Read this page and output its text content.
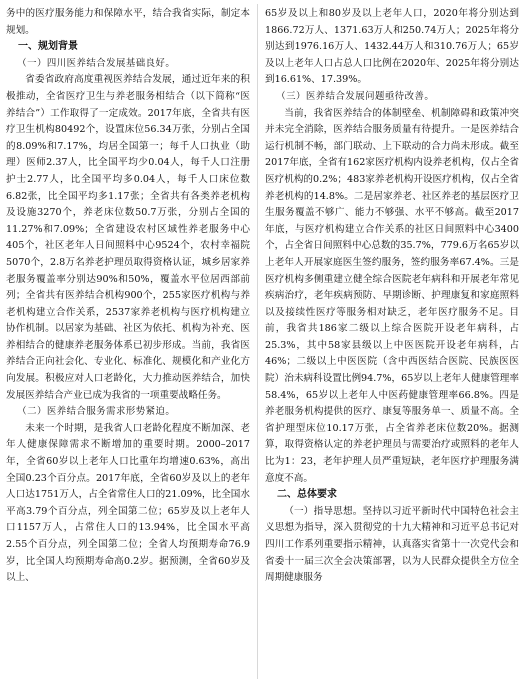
务中的医疗服务能力和保障水平，结合我省实际，制定本规划。

一、规划背景

（一）四川医养结合发展基础良好。

省委省政府高度重视医养结合发展，通过近年来的积极推动，全省医疗卫生与养老服务相结合（以下简称“医养结合”）工作取得了一定成效。2017年底，全省共有医疗卫生机构80492个，设置床位56.34万张，分别占全国的8.09%和7.17%，均居全国第一；每千人口执业（助理）医师2.37人，比全国平均少0.04人，每千人口注册护士2.77人，比全国平均多0.04人，每千人口床位数6.82张，比全国平均多1.17张；全省共有各类养老机构及设施3270个，养老床位数50.7万张，分别占全国的11.27%和7.09%；全省建设农村区域性养老服务中心405个，社区老年人日间照料中心9524个，农村幸福院5070个，2.8万名养老护理员取得资格认证，城乡居家养老服务覆盖率分别达90%和50%，覆盖水平位居西部前列；全省共有医养结合机构900个，255家医疗机构与养老机构建立合作关系，2537家养老机构与医疗机构建立协作机制。以居家为基础、社区为依托、机构为补充、医养相结合的健康养老服务体系已初步形成。当前，我省医养结合正向社会化、专业化、标准化、规模化和产业化方向发展。积极应对人口老龄化，大力推动医养结合，加快发展医养结合产业已成为我省的一项重要战略任务。

（二）医养结合服务需求形势紧迫。

未来一个时期，是我省人口老龄化程度不断加深、老年人健康保障需求不断增加的重要时期。2000–2017年，全省60岁以上老年人口比重年均增速0.63%，高出全国0.23个百分点。2017年底，全省60岁及以上的老年人口达1751万人，占全省常住人口的21.09%，比全国水平高3.79个百分点，列全国第二位；65岁及以上老年人口1157万人，占常住人口的13.94%，比全国水平高2.55个百分点，列全国第二位；全省人均预期寿命76.9岁，比全国人均预期寿命高0.2岁。据预测，全省60岁及以上、

65岁及以上和80岁及以上老年人口，2020年将分别达到1866.72万人、1371.63万人和250.74万人；2025年将分别达到1976.16万人、1432.44万人和310.76万人；65岁及以上老年人口占总人口比例在2020年、2025年将分别达到16.61%、17.39%。

（三）医养结合发展问题亟待改善。

当前，我省医养结合的体制壁垒、机制障碍和政策冲突并未完全消除，医养结合服务质量有待提升。一是医养结合运行机制不畅，部门联动、上下联动的合力尚未形成。截至2017年底，全省有162家医疗机构内设养老机构，仅占全省医疗机构的0.2%；483家养老机构开设医疗机构，仅占全省养老机构的14.8%。二是居家养老、社区养老的基层医疗卫生服务覆盖不够广、能力不够强、水平不够高。截至2017年底，与医疗机构建立合作关系的社区日间照料中心3400个，占全省日间照料中心总数的35.7%，779.6万名65岁以上老年人开展家庭医生签约服务，签约服务率67.4%。三是医疗机构多侧重建立健全综合医院老年病科和开展老年常见疾病治疗，老年疾病预防、早期诊断、护理康复和家庭照料以及接续性医疗等服务相对缺乏，老年医疗服务不足。目前，我省共186家二级以上综合医院开设老年病科，占25.3%，其中58家县级以上中医医院开设老年病科，占46%；二级以上中医医院（含中西医结合医院、民族医医院）治未病科设置比例94.7%，65岁以上老年人健康管理率58.4%，65岁以上老年人中医药健康管理率66.8%。四是养老服务机构提供的医疗、康复等服务单一、质量不高。全省护理型床位10.17万张，占全省养老床位数20%。据测算，取得资格认定的养老护理员与需要治疗或照料的老年人比为1：23，老年护理人员严重短缺，老年医疗护理服务满意度不高。

二、总体要求

（一）指导思想。坚持以习近平新时代中国特色社会主义思想为指导，深入贯彻党的十九大精神和习近平总书记对四川工作系列重要指示精神，认真落实省第十一次党代会和省委十一届三次全会决策部署，以为人民群众提供全方位全周期健康服务
